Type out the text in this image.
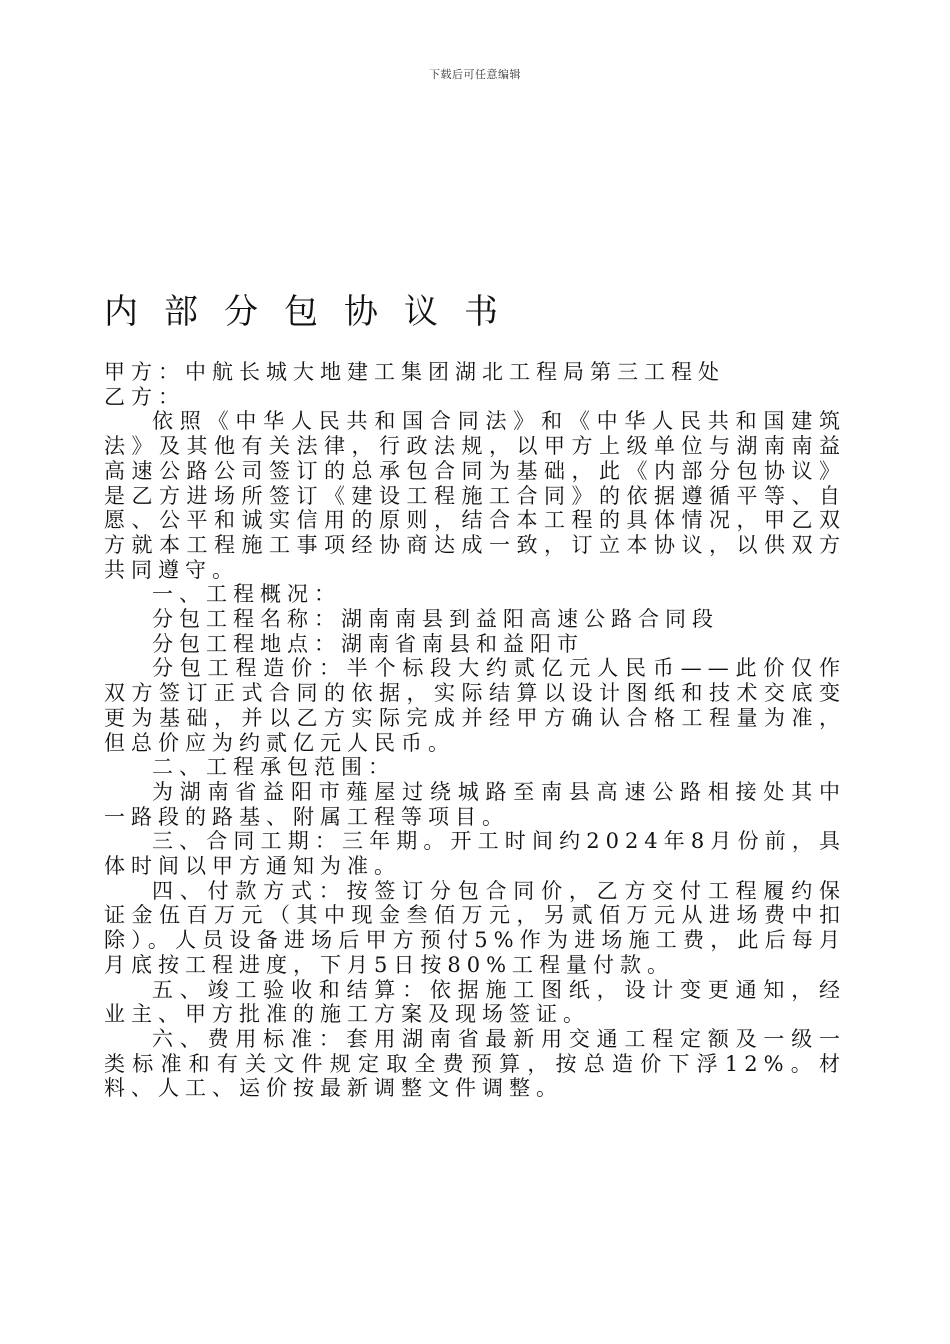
下载后可任意编辑
内部分包协议书

甲方：中航长城大地建工集团湖北工程局第三工程处

乙方：

依照《中华人民共和国合同法》和《中华人民共和国建筑法》及其他有关法律，行政法规，以甲方上级单位与湖南南益高速公路公司签订的总承包合同为基础，此《内部分包协议》是乙方进场所签订《建设工程施工合同》的依据遵循平等、自愿、公平和诚实信用的原则，结合本工程的具体情况，甲乙双方就本工程施工事项经协商达成一致，订立本协议，以供双方共同遵守。

一、工程概况：

分包工程名称：湖南南县到益阳高速公路合同段

分包工程地点：湖南省南县和益阳市

分包工程造价：半个标段大约贰亿元人民币——此价仅作双方签订正式合同的依据，实际结算以设计图纸和技术交底变更为基础，并以乙方实际完成并经甲方确认合格工程量为准，但总价应为约贰亿元人民币。

二、工程承包范围：

为湖南省益阳市薤屋过绕城路至南县高速公路相接处其中一路段的路基、附属工程等项目。

三、合同工期：三年期。开工时间约2024年8月份前，具体时间以甲方通知为准。

四、付款方式：按签订分包合同价，乙方交付工程履约保证金伍百万元（其中现金叁佰万元，另贰佰万元从进场费中扣除）。人员设备进场后甲方预付5%作为进场施工费，此后每月月底按工程进度，下月5日按80%工程量付款。

五、竣工验收和结算：依据施工图纸，设计变更通知，经业主、甲方批准的施工方案及现场签证。

六、费用标准：套用湖南省最新用交通工程定额及一级一类标准和有关文件规定取全费预算，按总造价下浮12%。材料、人工、运价按最新调整文件调整。
